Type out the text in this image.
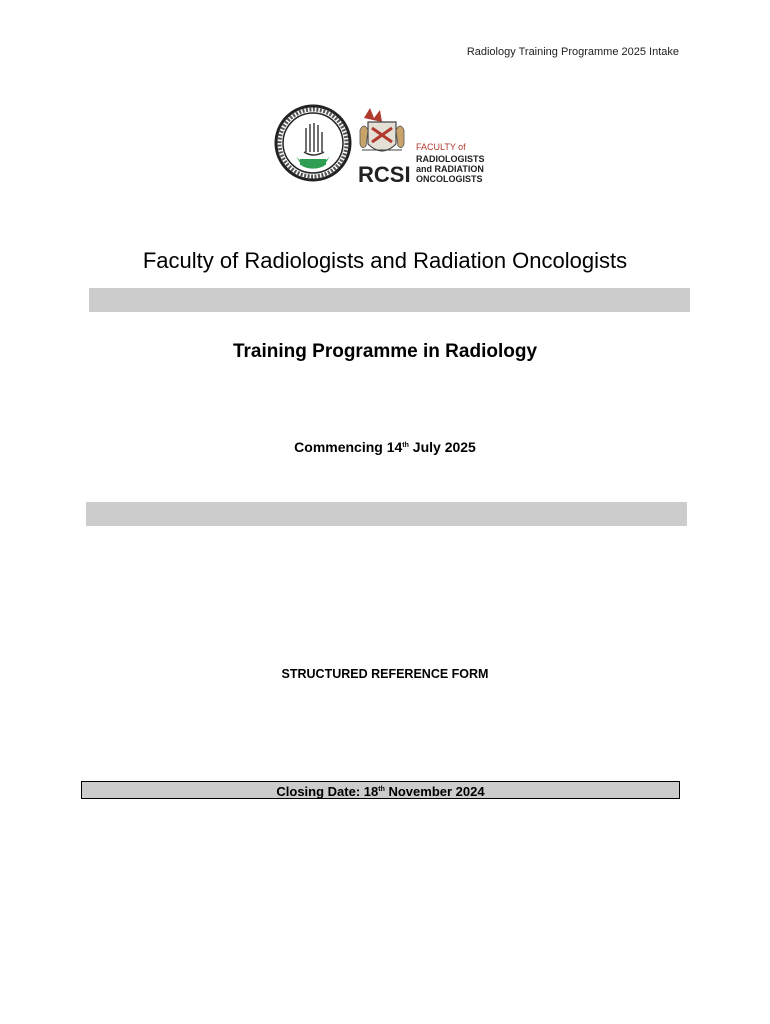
Radiology Training Programme 2025 Intake
RCSI
FACULTY of
RADIOLOGISTS
and RADIATION
ONCOLOGISTS
Faculty of Radiologists and Radiation Oncologists
Training Programme in Radiology
Commencing 14th July 2025
STRUCTURED REFERENCE FORM
Closing Date: 18th November 2024
